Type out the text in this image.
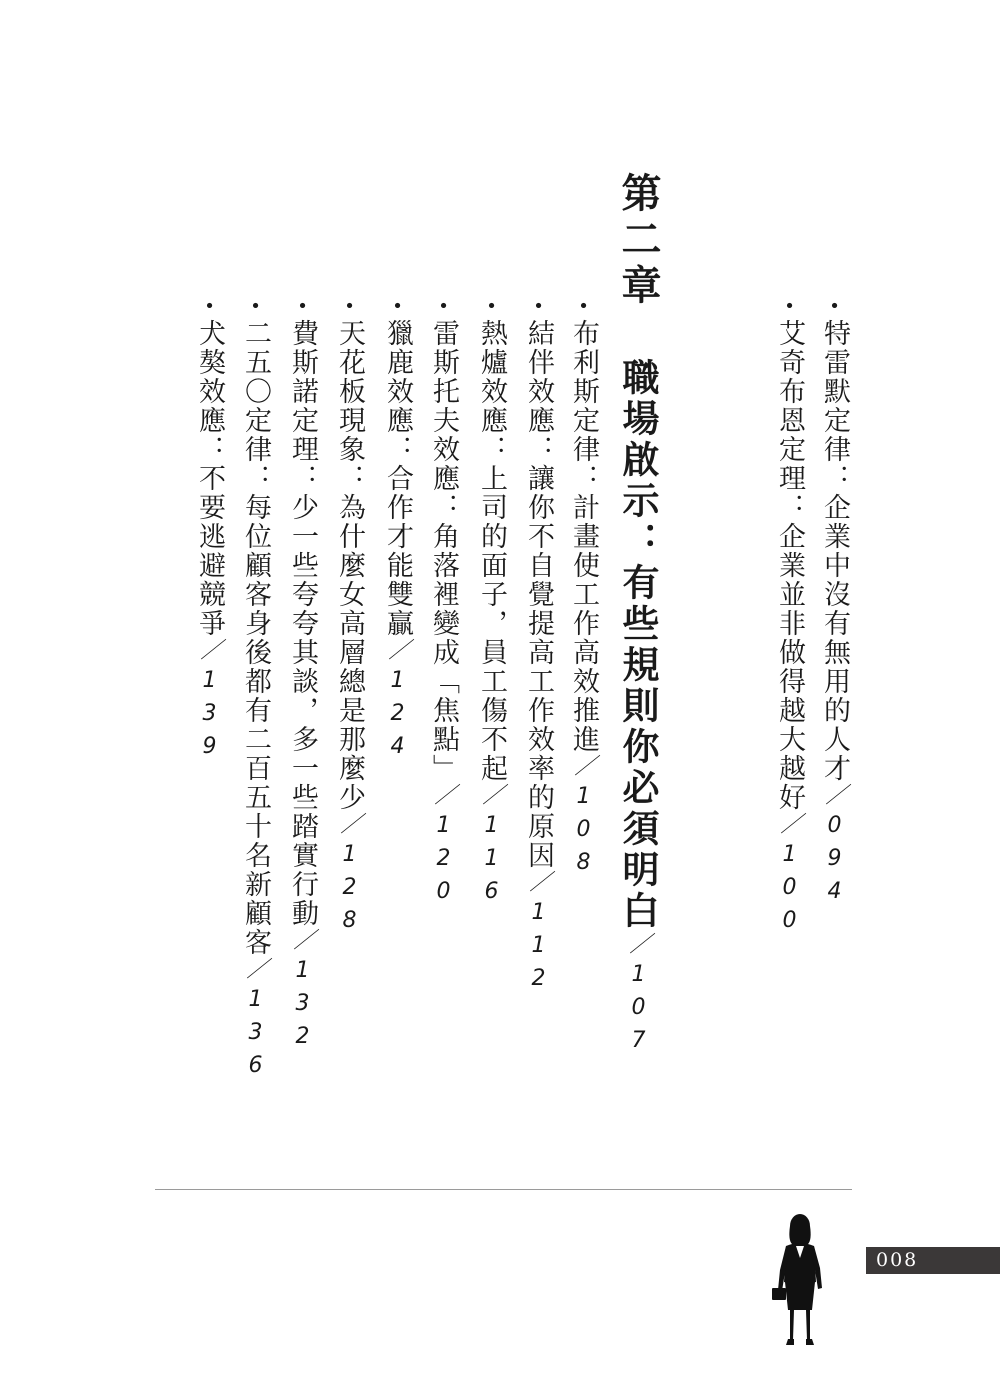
•特雷默定律：企業中沒有無用的人才／094
•艾奇布恩定理：企業並非做得越大越好／100
第二章職場啟示：有些規則你必須明白／107
•布利斯定律：計畫使工作高效推進／108
•結伴效應：讓你不自覺提高工作效率的原因／112
•熱爐效應：上司的面子，員工傷不起／116
•雷斯托夫效應：角落裡變成「焦點」／120
•獵鹿效應：合作才能雙贏／124
•天花板現象：為什麼女高層總是那麼少／128
•費斯諾定理：少一些夸夸其談，多一些踏實行動／132
•二五〇定律：每位顧客身後都有二百五十名新顧客／136
•犬獒效應：不要逃避競爭／139
008
